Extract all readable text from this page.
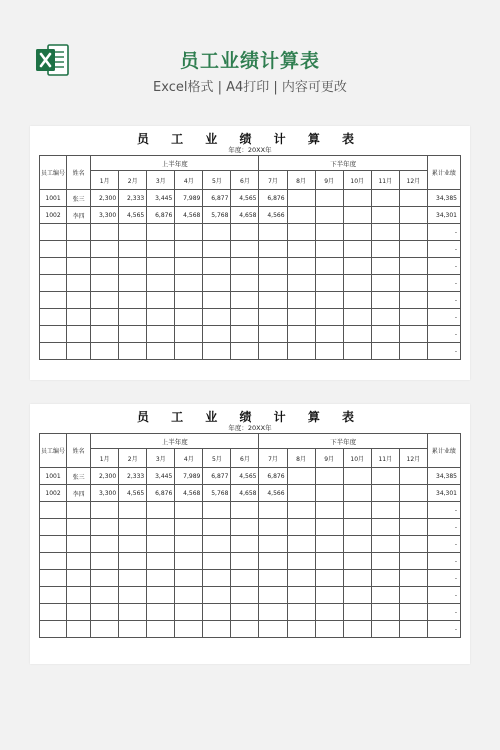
员工业绩计算表
Excel格式 | A4打印 | 内容可更改
员 工 业 绩 计 算 表
年度：20XX年
员工编号	姓名	上半年度						下半年度						累计业绩
		1月	2月	3月	4月	5月	6月	7月	8月	9月	10月	11月	12月	
1001	张三	2,300	2,333	3,445	7,989	6,877	4,565	6,876						34,385
1002	李四	3,300	4,565	6,876	4,568	5,768	4,658	4,566						34,301
														-
														-
														-
														-
														-
														-
														-
														-
员 工 业 绩 计 算 表
年度：20XX年
员工编号	姓名	上半年度						下半年度						累计业绩
		1月	2月	3月	4月	5月	6月	7月	8月	9月	10月	11月	12月	
1001	张三	2,300	2,333	3,445	7,989	6,877	4,565	6,876						34,385
1002	李四	3,300	4,565	6,876	4,568	5,768	4,658	4,566						34,301
														-
														-
														-
														-
														-
														-
														-
														-
